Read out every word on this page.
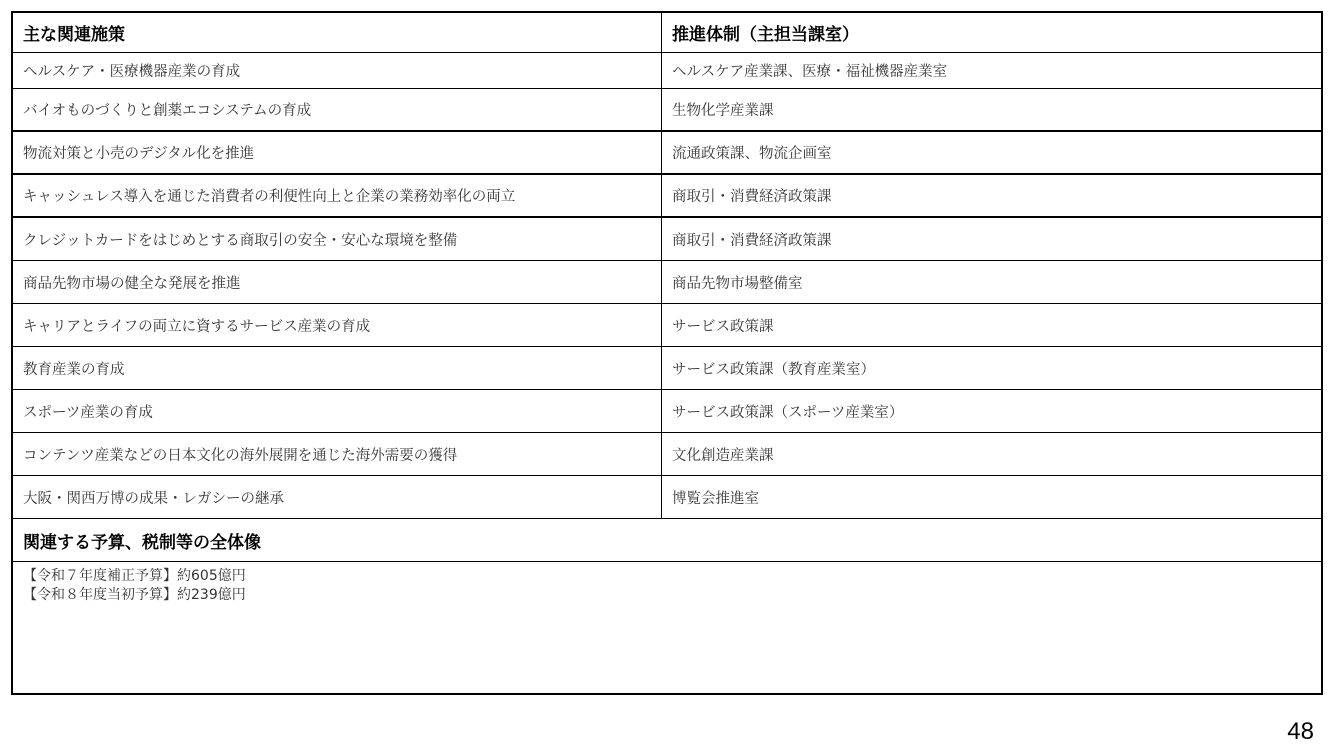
主な関連施策	推進体制（主担当課室）
ヘルスケア・医療機器産業の育成	ヘルスケア産業課、医療・福祉機器産業室
バイオものづくりと創薬エコシステムの育成	生物化学産業課
物流対策と小売のデジタル化を推進	流通政策課、物流企画室
キャッシュレス導入を通じた消費者の利便性向上と企業の業務効率化の両立	商取引・消費経済政策課
クレジットカードをはじめとする商取引の安全・安心な環境を整備	商取引・消費経済政策課
商品先物市場の健全な発展を推進	商品先物市場整備室
キャリアとライフの両立に資するサービス産業の育成	サービス政策課
教育産業の育成	サービス政策課（教育産業室）
スポーツ産業の育成	サービス政策課（スポーツ産業室）
コンテンツ産業などの日本文化の海外展開を通じた海外需要の獲得	文化創造産業課
大阪・関西万博の成果・レガシーの継承	博覧会推進室
関連する予算、税制等の全体像
【令和７年度補正予算】約605億円
【令和８年度当初予算】約239億円
48
